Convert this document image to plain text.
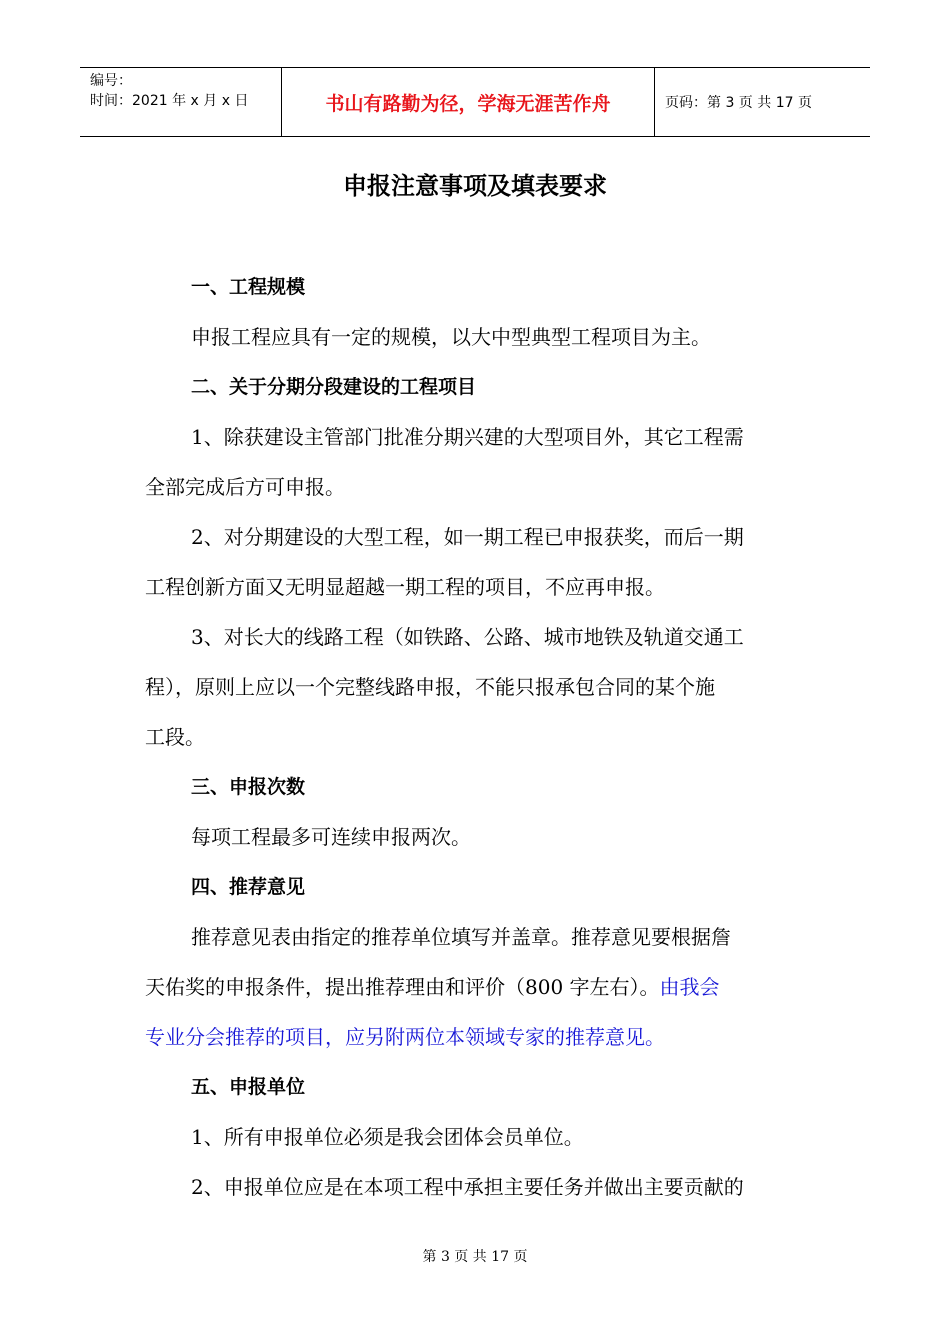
编号：
时间：2021 年 x 月 x 日	书山有路勤为径，学海无涯苦作舟	页码：第 3 页 共 17 页
申报注意事项及填表要求
一、工程规模
申报工程应具有一定的规模，以大中型典型工程项目为主。
二、关于分期分段建设的工程项目
1、除获建设主管部门批准分期兴建的大型项目外，其它工程需
全部完成后方可申报。
2、对分期建设的大型工程，如一期工程已申报获奖，而后一期
工程创新方面又无明显超越一期工程的项目，不应再申报。
3、对长大的线路工程（如铁路、公路、城市地铁及轨道交通工
程），原则上应以一个完整线路申报，不能只报承包合同的某个施
工段。
三、申报次数
每项工程最多可连续申报两次。
四、推荐意见
推荐意见表由指定的推荐单位填写并盖章。推荐意见要根据詹
天佑奖的申报条件，提出推荐理由和评价（800 字左右）。由我会
专业分会推荐的项目，应另附两位本领域专家的推荐意见。
五、申报单位
1、所有申报单位必须是我会团体会员单位。
2、申报单位应是在本项工程中承担主要任务并做出主要贡献的
第 3 页 共 17 页
